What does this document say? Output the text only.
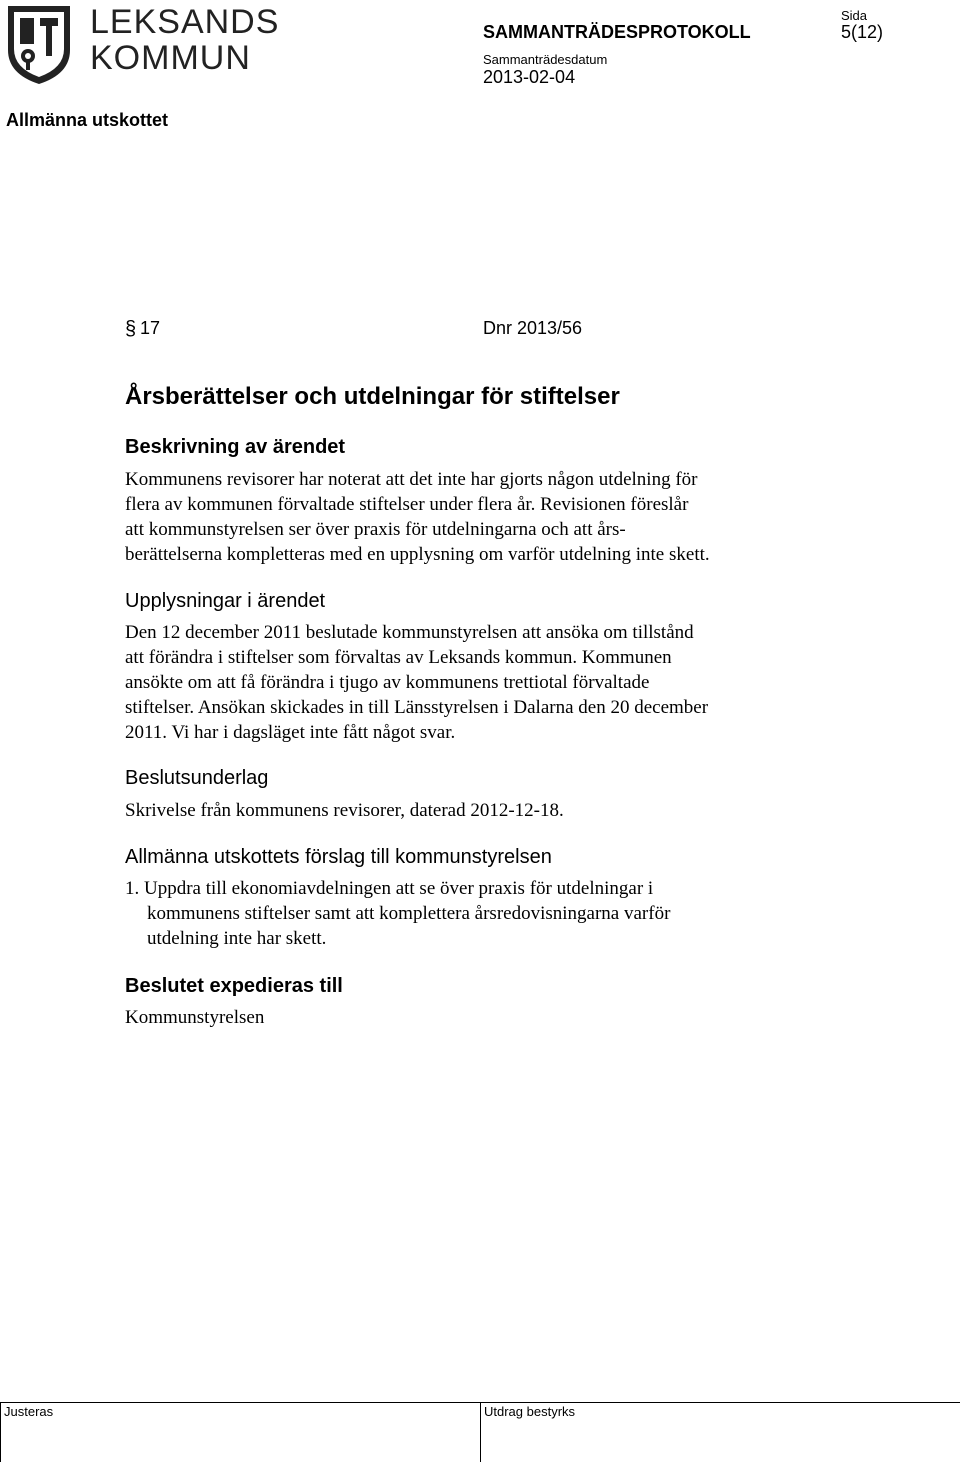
LEKSANDS
KOMMUN
SAMMANTRÄDESPROTOKOLL
Sida
5(12)
Sammanträdesdatum
2013-02-04
Allmänna utskottet
§ 17	Dnr 2013/56
Årsberättelser och utdelningar för stiftelser
Beskrivning av ärendet

Kommunens revisorer har noterat att det inte har gjorts någon utdelning för

flera av kommunen förvaltade stiftelser under flera år. Revisionen föreslår

att kommunstyrelsen ser över praxis för utdelningarna och att års-

berättelserna kompletteras med en upplysning om varför utdelning inte skett.

Upplysningar i ärendet

Den 12 december 2011 beslutade kommunstyrelsen att ansöka om tillstånd

att förändra i stiftelser som förvaltas av Leksands kommun. Kommunen

ansökte om att få förändra i tjugo av kommunens trettiotal förvaltade

stiftelser. Ansökan skickades in till Länsstyrelsen i Dalarna den 20 december

2011. Vi har i dagsläget inte fått något svar.

Beslutsunderlag

Skrivelse från kommunens revisorer, daterad 2012-12-18.

Allmänna utskottets förslag till kommunstyrelsen

1. Uppdra till ekonomiavdelningen att se över praxis för utdelningar i

kommunens stiftelser samt att komplettera årsredovisningarna varför

utdelning inte har skett.

Beslutet expedieras till

Kommunstyrelsen

Justeras	Utdrag bestyrks
